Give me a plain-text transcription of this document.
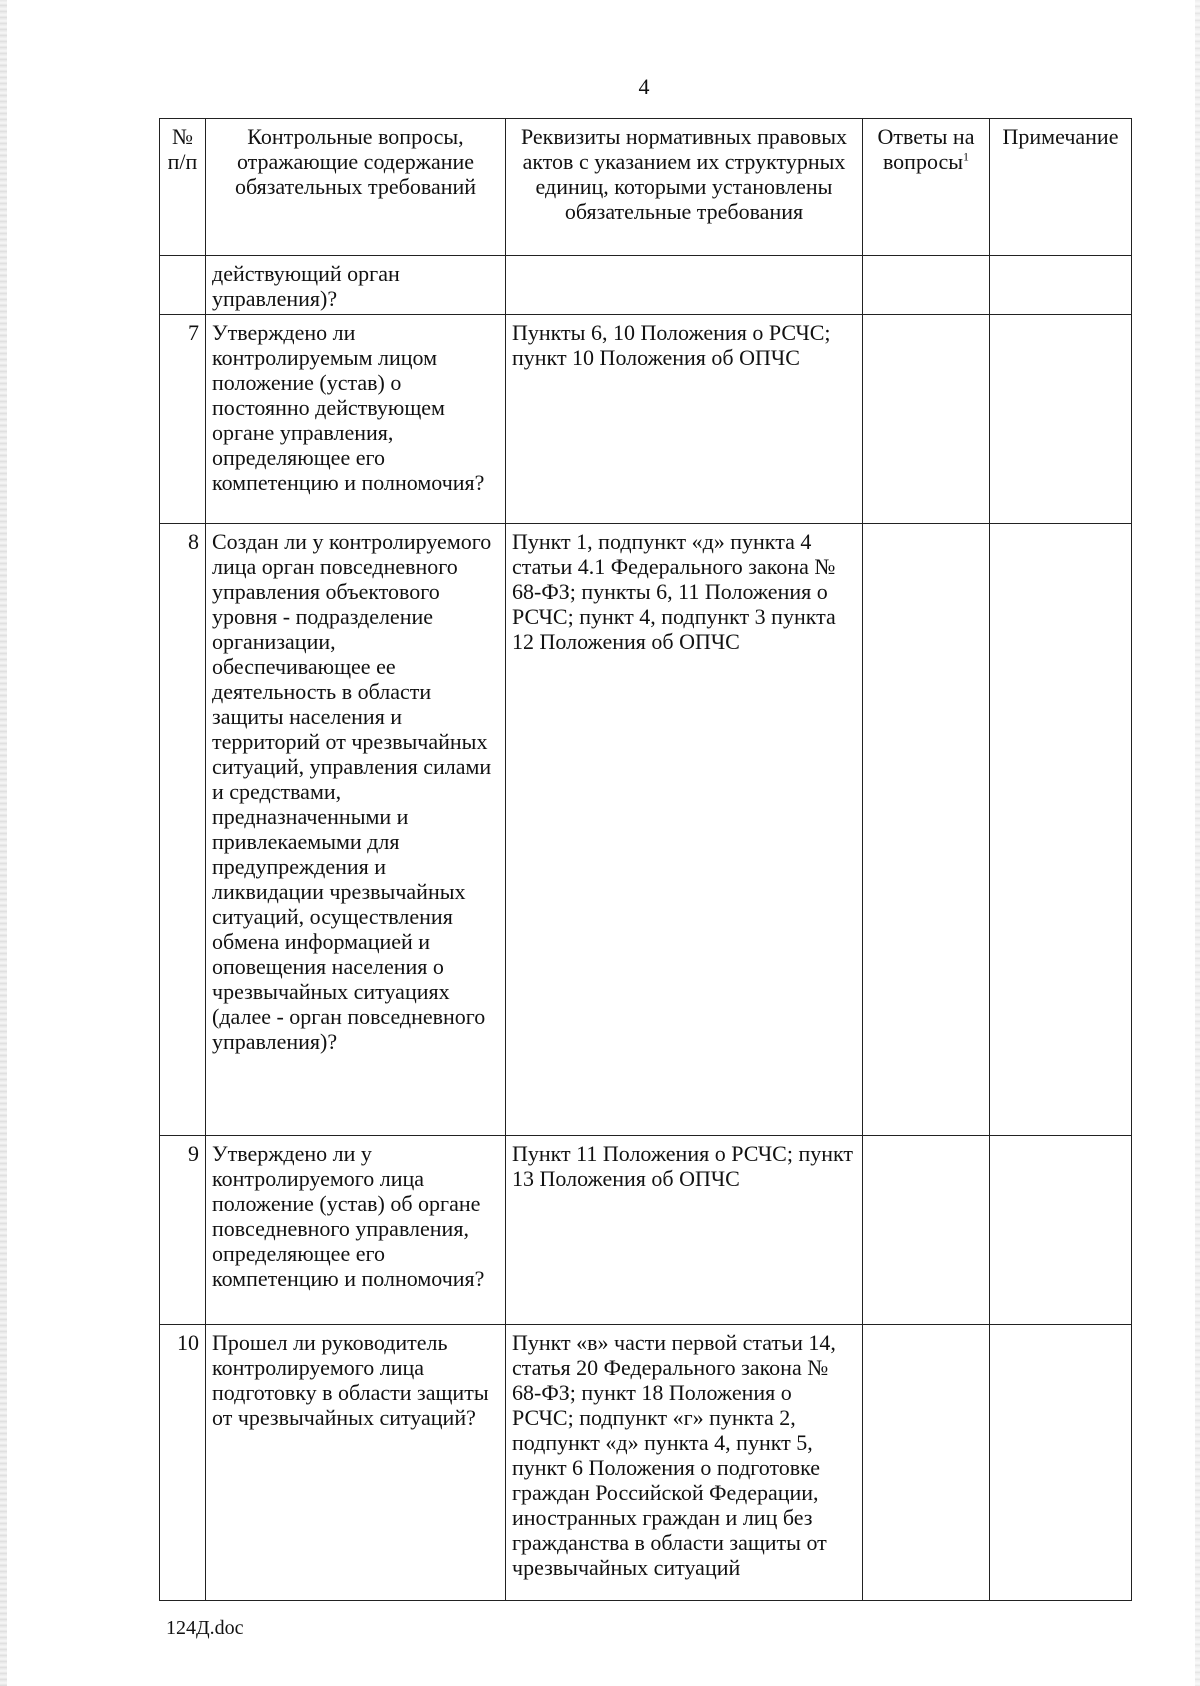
4
№ п/п	Контрольные вопросы, отражающие содержание обязательных требований	Реквизиты нормативных правовых актов с указанием их структурных единиц, которыми установлены обязательные требования	Ответы на вопросы$^1$	Примечание
	действующий орган управления)?			
7	Утверждено ли контролируемым лицом положение (устав) о постоянно действующем органе управления, определяющее его компетенцию и полномочия?	Пункты 6, 10 Положения о РСЧС; пункт 10 Положения об ОПЧС		
8	Создан ли у контролируемого лица орган повседневного управления объектового уровня - подразделение организации, обеспечивающее ее деятельность в области защиты населения и территорий от чрезвычайных ситуаций, управления силами и средствами, предназначенными и привлекаемыми для предупреждения и ликвидации чрезвычайных ситуаций, осуществления обмена информацией и оповещения населения о чрезвычайных ситуациях (далее - орган повседневного управления)?	Пункт 1, подпункт «д» пункта 4 статьи 4.1 Федерального закона № 68-ФЗ; пункты 6, 11 Положения о РСЧС; пункт 4, подпункт 3 пункта 12 Положения об ОПЧС		
9	Утверждено ли у контролируемого лица положение (устав) об органе повседневного управления, определяющее его компетенцию и полномочия?	Пункт 11 Положения о РСЧС; пункт 13 Положения об ОПЧС		
10	Прошел ли руководитель контролируемого лица подготовку в области защиты от чрезвычайных ситуаций?	Пункт «в» части первой статьи 14, статья 20 Федерального закона № 68-ФЗ; пункт 18 Положения о РСЧС; подпункт «г» пункта 2, подпункт «д» пункта 4, пункт 5, пункт 6 Положения о подготовке граждан Российской Федерации, иностранных граждан и лиц без гражданства в области защиты от чрезвычайных ситуаций		
124Д.doc
